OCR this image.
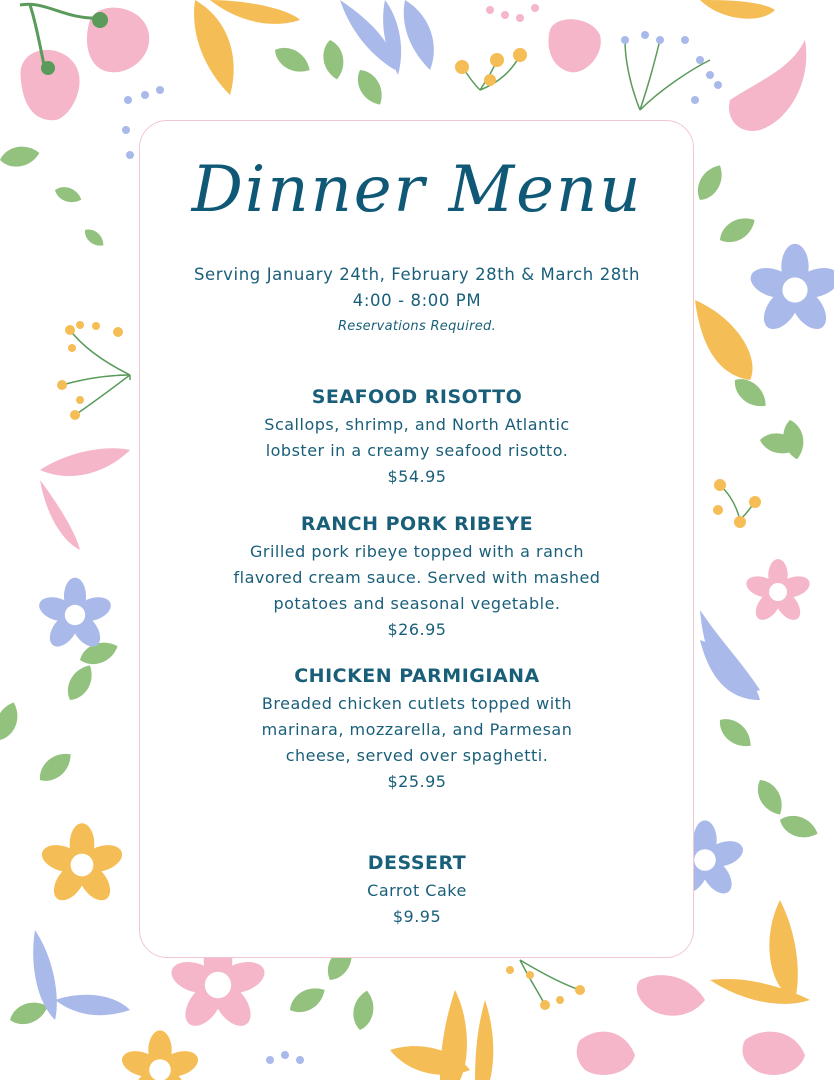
Dinner Menu
Serving January 24th, February 28th & March 28th
4:00 - 8:00 PM
Reservations Required.
SEAFOOD RISOTTO
Scallops, shrimp, and North Atlantic
lobster in a creamy seafood risotto.
$54.95
RANCH PORK RIBEYE
Grilled pork ribeye topped with a ranch
flavored cream sauce. Served with mashed
potatoes and seasonal vegetable.
$26.95
CHICKEN PARMIGIANA
Breaded chicken cutlets topped with
marinara, mozzarella, and Parmesan
cheese, served over spaghetti.
$25.95
DESSERT
Carrot Cake
$9.95
